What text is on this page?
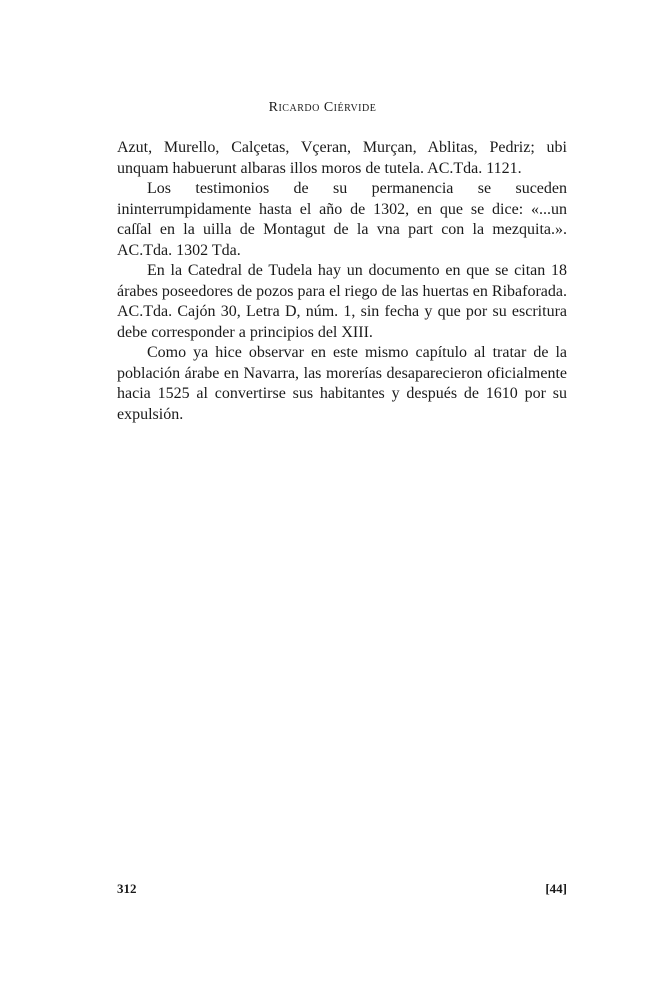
Ricardo Ciérvide

Azut, Murello, Calçetas, Vçeran, Murçan, Ablitas, Pedriz; ubi unquam habuerunt albaras illos moros de tutela. AC.Tda. 1121.

Los testimonios de su permanencia se suceden ininterrumpidamente hasta el año de 1302, en que se dice: «...un caſſal en la uilla de Montagut de la vna part con la mezquita.». AC.Tda. 1302 Tda.

En la Catedral de Tudela hay un documento en que se citan 18 árabes poseedores de pozos para el riego de las huertas en Ribaforada. AC.Tda. Cajón 30, Letra D, núm. 1, sin fecha y que por su escritura debe corresponder a principios del XIII.

Como ya hice observar en este mismo capítulo al tratar de la población árabe en Navarra, las morerías desaparecieron oficialmente hacia 1525 al convertirse sus habitantes y después de 1610 por su expulsión.

312	[44]
